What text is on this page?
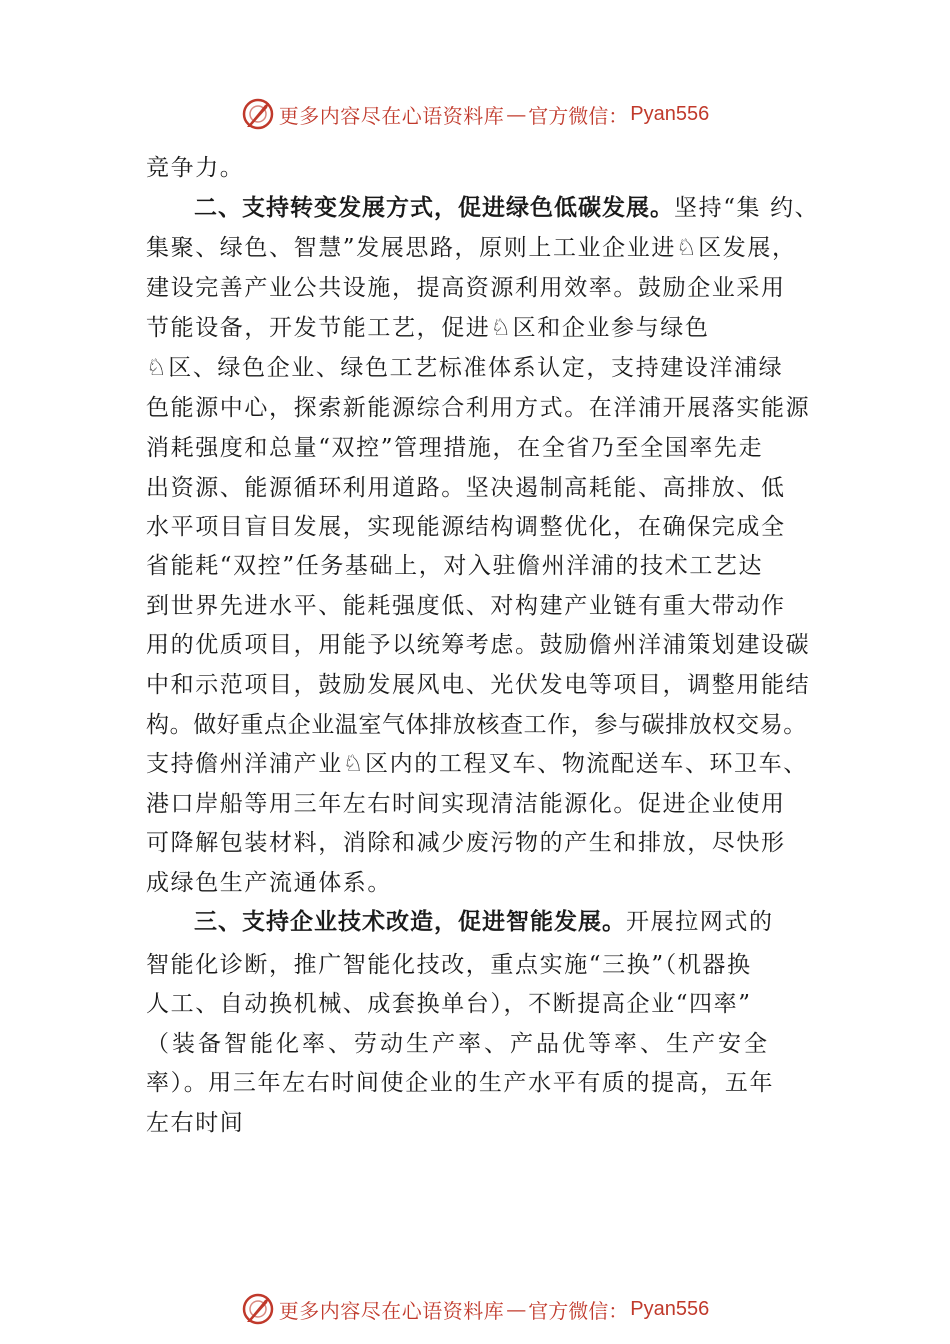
更多内容尽在心语资料库 — 官方微信： Pyan556
竞争力。
二、支持转变发展方式，促进绿色低碳发展。坚持“集 约、
集聚、绿色、智慧”发展思路，原则上工业企业进♘区发展，
建设完善产业公共设施，提高资源利用效率。鼓励企业采用
节能设备，开发节能工艺，促进♘区和企业参与绿色
♘区、绿色企业、绿色工艺标准体系认定，支持建设洋浦绿
色能源中心，探索新能源综合利用方式。在洋浦开展落实能源
消耗强度和总量“双控”管理措施，在全省乃至全国率先走
出资源、能源循环利用道路。坚决遏制高耗能、高排放、低
水平项目盲目发展，实现能源结构调整优化，在确保完成全
省能耗“双控”任务基础上，对入驻儋州洋浦的技术工艺达
到世界先进水平、能耗强度低、对构建产业链有重大带动作
用的优质项目，用能予以统筹考虑。鼓励儋州洋浦策划建设碳
中和示范项目，鼓励发展风电、光伏发电等项目，调整用能结
构。做好重点企业温室气体排放核查工作，参与碳排放权交易。
支持儋州洋浦产业♘区内的工程叉车、物流配送车、环卫车、
港口岸船等用三年左右时间实现清洁能源化。促进企业使用
可降解包装材料，消除和减少废污物的产生和排放，尽快形
成绿色生产流通体系。
三、支持企业技术改造，促进智能发展。开展拉网式的
智能化诊断，推广智能化技改，重点实施“三换”（机器换
人工、自动换机械、成套换单台），不断提高企业“四率”
（装备智能化率、劳动生产率、产品优等率、生产安全
率）。用三年左右时间使企业的生产水平有质的提高，五年
左右时间
更多内容尽在心语资料库 — 官方微信： Pyan556
